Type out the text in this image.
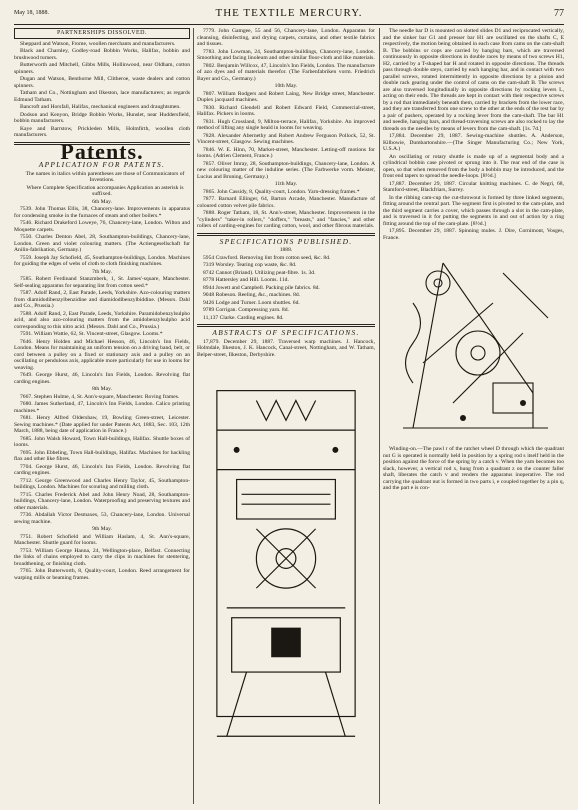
May 18, 1888.	THE TEXTILE MERCURY.	77
PARTNERSHIPS DISSOLVED.

Sheppard and Watson, Frome, woollen merchants and manufacturers.

Black and Charnley, Godley-road Bobbin Works, Halifax, bobbin and brushwood turners.

Butterworth and Mitchell, Gibbs Mills, Hollinwood, near Oldham, cotton spinners.

Dugan and Watson, Benthorne Mill, Clitheroe, waste dealers and cotton spinners.

Tatham and Co., Nottingham and Ilkeston, lace manufacturers; as regards Edmund Tatham.

Bancroft and Horsfall, Halifax, mechanical engineers and draughtsmen.

Dodson and Kenyon, Bridge Bobbin Works, Hunslet, near Huddersfield, bobbin manufacturers.

Kaye and Barrstow, Prickleden Mills, Holmfirth, woollen cloth manufacturers.

Patents.
APPLICATION FOR PATENTS.

The names in italics within parentheses are those of Communicators of Inventions.

Where Complete Specification accompanies Application an asterisk is suffixed.

6th May.

7539. John Thomas Ellis, 38, Chancery-lane. Improvements in apparatus for condensing smoke in the furnaces of steam and other boilers.*

7546. Richard Drakeford Loweye, 76, Chancery-lane, London. Wilton and Moquette carpets.

7550. Charles Denton Abel, 28, Southampton-buildings, Chancery-lane, London. Green and violet colouring matters. (The Actiengesellschaft fur Anilin-fabrikation, Germany.)

7559. Joseph Jay Schofield, 45, Southampton-buildings, London. Machines for guiding the edges of webs of cloth to cloth finishing machines.

7th May.

7585. Robert Ferdinand Stanzmberk, 1, St. James'-square, Manchester. Self-sealing apparatus for separating lint from cotton seed.*

7587. Adolf Rand, 2, East Parade, Leeds, Yorkshire. Azo-colouring matters from diamidodibenzylbenzidine and diamidodibenzylbiddine. (Messrs. Dahl and Co., Prussia.)

7588. Adolf Rand, 2, East Parade, Leeds, Yorkshire. Paramidobenzylsulpho acid, and also azo-colouring matters from the amidobenzylsulpho acid corresponding to this nitro acid. (Messrs. Dahl and Co., Prussia.)

7591. William Wattie, 62, St. Vincent-street, Glasgow. Looms.*

7646. Henry Holden and Michael Hesson, 46, Lincoln's Inn Fields, London. Means for maintaining an uniform tension on a driving band, belt, or cord between a pulley on a fixed or stationary axis and a pulley on an oscillating or pendulous axis, applicable more particularly for use in looms for weaving.

7649. George Hurst, 46, Lincoln's Inn Fields, London. Revolving flat carding engines.

8th May.

7667. Stephen Hulme, 4, St. Ann's-square, Manchester. Roving frames.

7680. James Sutherland, 47, Lincoln's Inn Fields, London. Calico printing machines.*

7681. Henry Alfred Oldershaw, 19, Bowling Green-street, Leicester. Sewing machines.* (Date applied for under Patents Act, 1883, Sec. 103, 12th March, 1888, being date of application in France.)

7685. John Walsh Howard, Town Hall-buildings, Halifax. Shuttle boxes of looms.

7695. John Ebbeling, Town Hall-buildings, Halifax. Machines for hackling flax and other like fibres.

7704. George Hurst, 46, Lincoln's Inn Fields, London. Revolving flat carding engines.

7712. George Greenwood and Charles Henry Taylor, 45, Southampton-buildings, London. Machines for scouring and milling cloth.

7715. Charles Frederick Abel and John Henry Noad, 28, Southampton-buildings, Chancery-lane, London. Waterproofing and preserving textures and other materials.

7736. Abdallah Victor Desmaxes, 53, Chancery-lane, London. Universal sewing machine.

9th May.

7751. Robert Schofield and William Haslam, 4, St. Ann's-square, Manchester. Shuttle guard for looms.

7753. William George Hanna, 24, Wellington-place, Belfast. Connecting the links of chains employed to carry the clips in machines for stentering, broadthening, or finishing cloth.

7765. John Butterworth, 8, Quality-court, London. Reed arrangement for warping mills or beaming frames.

7779. John Gamgee, 55 and 56, Chancery-lane, London. Apparatus for cleansing, disinfecting, and drying carpets, curtains, and other textile fabrics and tissues.

7783. John Lowman, 24, Southampton-buildings, Chancery-lane, London. Smoothing and facing linoleum and other similar floor-cloth and like materials.

7802. Benjamin Willcox, 47, Lincoln's Inn Fields, London. The manufacture of azo dyes and of materials therefor. (The Farbenfabriken vorm. Friedrich Bayer and Co., Germany.)

10th May.

7807. William Rodgers and Robert Laing, New Bridge street, Manchester. Duplex jacquard machines.

7830. Richard Glendell and Robert Edward Field, Commercial-street, Halifax. Pickers in looms.

7831. Hugh Crossland, 9, Milton-terrace, Halifax, Yorkshire. An improved method of lifting any single heald in looms for weaving.

7828. Alexander Abernethy and Robert Andrew Ferguson Pollock, 52, St. Vincent-street, Glasgow. Sewing machines.

7846. W. E. Hinn, 70, Market-street, Manchester. Letting-off motions for looms. (Adrien Clement, France.)

7857. Oliver Imray, 28, Southampton-buildings, Chancery-lane, London. A new colouring matter of the induline series. (The Farbwerke vorm. Meister, Lucius and Bruning, Germany.)

11th May.

7865. John Cassidy, 8, Quality-court, London. Yarn-dressing frames.*

7877. Barnard Ellinger, 64, Barton Arcade, Manchester. Manufacture of coloured cotton velvet pile fabrics.

7888. Roger Tatham, 18, St. Ann's-street, Manchester. Improvements in the "cylinders" "taker-in rollers," "doffers," "breasts," and "fancies," and other rollers of carding-engines for carding cotton, wool, and other fibrous materials.

SPECIFICATIONS PUBLISHED.
1888.

5954 Crawford. Removing lint from cotton seed, &c. 8d.

7319 Worsley. Tearing cop waste, &c. 8d.

8742 Cannot (Briand). Utilizing peat-fibre. 1s. 3d.

8778 Hattersley and Hill. Looms. 11d.

8944 Jowett and Campbell. Packing pile fabrics. 8d.

9048 Robeson. Reeling, &c., machines. 8d.

9426 Lodge and Turner. Loom shuttles. 6d.

9789 Corrigan. Compressing yarn. 8d.

11,137 Clarke. Carding engines. 8d.

ABSTRACTS OF SPECIFICATIONS.

17,879. December 29, 1887. Traversed warp machines. J. Hancock, Holmdale, Ilkeston, J. K. Hancock, Canal-street, Nottingham, and W. Tatham, Belper-street, Ilkeston, Derbyshire.

The needle bar D is mounted on slotted slides D1 and reciprocated vertically, and the sinker bar G1 and presser bar H1 are oscillated on the shafts C, E respectively, the motion being obtained in each case from cams on the cam-shaft B. The bobbins or cops are carried by hanging bars, which are traversed continuously in opposite directions in double races by means of two screws H1, H2, carried by a T-shaped bar H and rotated in opposite directions. The threads pass through double steys, carried by each hanging bar, and in contact with two parallel screws, rotated intermittently in opposite directions by a pinion and double rack gearing under the control of cams on the cam-shaft B. The screws are also traversed longitudinally in opposite directions by rocking levers L, acting on their ends. The threads are kept in contact with their respective screws by a rod that immediately beneath them, carried by brackets from the lower race, and they are transferred from one screw to the other at the ends of the rest bar by a pair of pushers, operated by a rocking lever from the cam-shaft. The bar H1 and needle, hanging bars, and thread-traversing screws are also rocked to lay the threads on the needles by means of levers from the cam-shaft. [1s. 7d.]

17,884. December 29, 1887. Sewing-machine shuttles. A. Anderson, Kilbowie, Dumbartonshire.—(The Singer Manufacturing Co.; New York, U.S.A.)

An oscillating or rotary shuttle is made up of a segmental body and a cylindrical bobbin case pivoted or sprung into it. The rear end of the case is open, so that when removed from the body a bobbin may be introduced, and the front end tapers to spread the needle-loops. [8½d.]

17,887. December 29, 1887. Circular knitting machines. C. de Negri, 68, Stamford-street, Blackfriars, Surrey.

In the ribbing cam-cup the cut-throwout is formed by three linked segments, fitting around the central part. The segment first is pivoted to the cam-plate, and the third segment carries a cover, which passes through a slot in the cam-plate, and is traversed in it for putting the segments in and out of action by a ring fitting around the top of the cam-plate. [8½d.]

17,895. December 29, 1887. Spinning mules. J. Dire, Cornimont, Vosges, France.

Winding-on.—The pawl r of the ratchet wheel D through which the quadrant nut G is operated is normally held in position by a spring rod s itself held in the position against the force of the spring by a catch v. When the yarn becomes too slack, however, a vertical rod x, hung from a quadrant z on the counter faller shaft, liberates the catch v and renders the apparatus inoperative. The rod carrying the quadrant nut is formed in two parts i, e coupled together by a pin q, and the part e is con-
